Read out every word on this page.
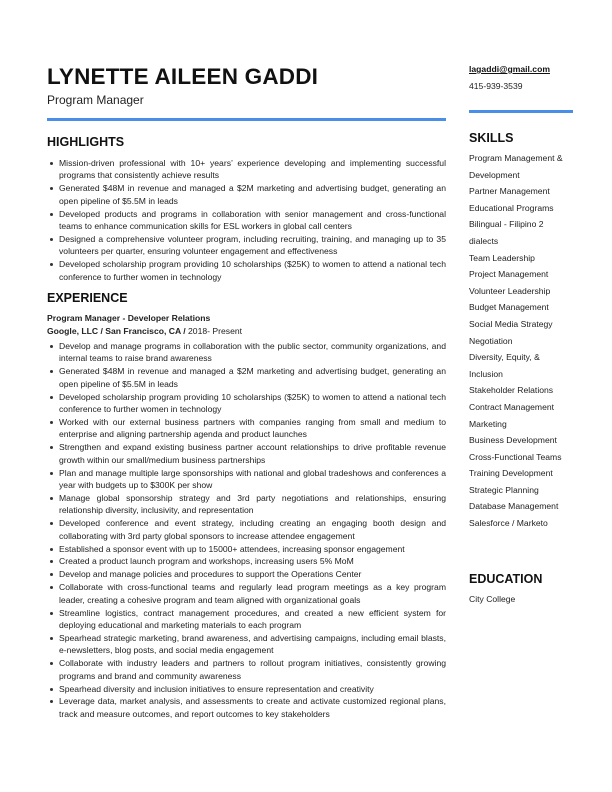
LYNETTE AILEEN GADDI
Program Manager
HIGHLIGHTS
Mission-driven professional with 10+ years’ experience developing and implementing successful programs that consistently achieve results
Generated $48M in revenue and managed a $2M marketing and advertising budget, generating an open pipeline of $5.5M in leads
Developed products and programs in collaboration with senior management and cross-functional teams to enhance communication skills for ESL workers in global call centers
Designed a comprehensive volunteer program, including recruiting, training, and managing up to 35 volunteers per quarter, ensuring volunteer engagement and effectiveness
Developed scholarship program providing 10 scholarships ($25K) to women to attend a national tech conference to further women in technology
EXPERIENCE
Program Manager - Developer Relations
Google, LLC / San Francisco, CA / 2018- Present
Develop and manage programs in collaboration with the public sector, community organizations, and internal teams to raise brand awareness
Generated $48M in revenue and managed a $2M marketing and advertising budget, generating an open pipeline of $5.5M in leads
Developed scholarship program providing 10 scholarships ($25K) to women to attend a national tech conference to further women in technology
Worked with our external business partners with companies ranging from small and medium to enterprise and aligning partnership agenda and product launches
Strengthen and expand existing business partner account relationships to drive profitable revenue growth within our small/medium business partnerships
Plan and manage multiple large sponsorships with national and global tradeshows and conferences a year with budgets up to $300K per show
Manage global sponsorship strategy and 3rd party negotiations and relationships, ensuring relationship diversity, inclusivity, and representation
Developed conference and event strategy, including creating an engaging booth design and collaborating with 3rd party global sponsors to increase attendee engagement
Established a sponsor event with up to 15000+ attendees, increasing sponsor engagement
Created a product launch program and workshops, increasing users 5% MoM
Develop and manage policies and procedures to support the Operations Center
Collaborate with cross-functional teams and regularly lead program meetings as a key program leader, creating a cohesive program and team aligned with organizational goals
Streamline logistics, contract management procedures, and created a new efficient system for deploying educational and marketing materials to each program
Spearhead strategic marketing, brand awareness, and advertising campaigns, including email blasts, e-newsletters, blog posts, and social media engagement
Collaborate with industry leaders and partners to rollout program initiatives, consistently growing programs and brand and community awareness
Spearhead diversity and inclusion initiatives to ensure representation and creativity
Leverage data, market analysis, and assessments to create and activate customized regional plans, track and measure outcomes, and report outcomes to key stakeholders
lagaddi@gmail.com
415-939-3539
SKILLS
Program Management & Development
Partner Management
Educational Programs
Bilingual - Filipino 2 dialects
Team Leadership
Project Management
Volunteer Leadership
Budget Management
Social Media Strategy
Negotiation
Diversity, Equity, & Inclusion
Stakeholder Relations
Contract Management
Marketing
Business Development
Cross-Functional Teams
Training Development
Strategic Planning
Database Management
Salesforce / Marketo
EDUCATION
City College
